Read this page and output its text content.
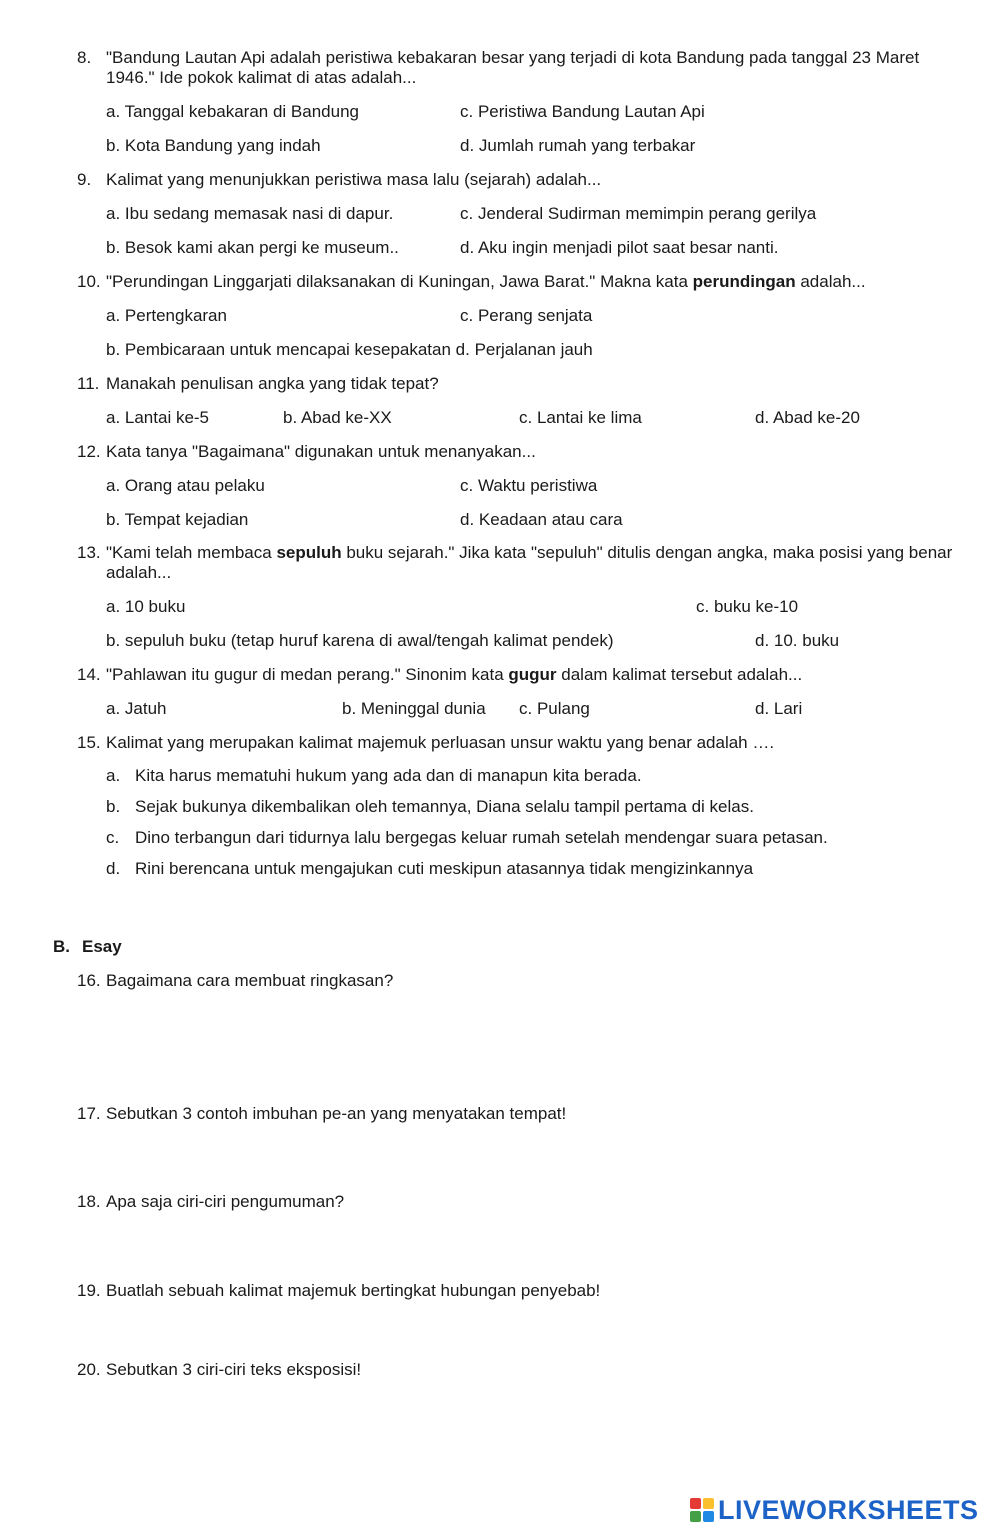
8. "Bandung Lautan Api adalah peristiwa kebakaran besar yang terjadi di kota Bandung pada tanggal 23 Maret 1946." Ide pokok kalimat di atas adalah...
a. Tanggal kebakaran di Bandung	c. Peristiwa Bandung Lautan Api
b. Kota Bandung yang indah	d. Jumlah rumah yang terbakar
9. Kalimat yang menunjukkan peristiwa masa lalu (sejarah) adalah...
a. Ibu sedang memasak nasi di dapur.	c. Jenderal Sudirman memimpin perang gerilya
b. Besok kami akan pergi ke museum..	d. Aku ingin menjadi pilot saat besar nanti.
10. "Perundingan Linggarjati dilaksanakan di Kuningan, Jawa Barat." Makna kata perundingan adalah...
a. Pertengkaran	c. Perang senjata
b. Pembicaraan untuk mencapai kesepakatan d. Perjalanan jauh
11. Manakah penulisan angka yang tidak tepat?
a. Lantai ke-5	b. Abad ke-XX	c. Lantai ke lima	d. Abad ke-20
12. Kata tanya "Bagaimana" digunakan untuk menanyakan...
a. Orang atau pelaku	c. Waktu peristiwa
b. Tempat kejadian	d. Keadaan atau cara
13. "Kami telah membaca sepuluh buku sejarah." Jika kata "sepuluh" ditulis dengan angka, maka posisi yang benar adalah...
a. 10 buku	c. buku ke-10
b. sepuluh buku (tetap huruf karena di awal/tengah kalimat pendek)	d. 10. buku
14. "Pahlawan itu gugur di medan perang." Sinonim kata gugur dalam kalimat tersebut adalah...
a. Jatuh	b. Meninggal dunia c. Pulang	d. Lari
15. Kalimat yang merupakan kalimat majemuk perluasan unsur waktu yang benar adalah ….
a. Kita harus mematuhi hukum yang ada dan di manapun kita berada.
b. Sejak bukunya dikembalikan oleh temannya, Diana selalu tampil pertama di kelas.
c. Dino terbangun dari tidurnya lalu bergegas keluar rumah setelah mendengar suara petasan.
d. Rini berencana untuk mengajukan cuti meskipun atasannya tidak mengizinkannya
B. Esay
16. Bagaimana cara membuat ringkasan?
17. Sebutkan 3 contoh imbuhan pe-an yang menyatakan tempat!
18. Apa saja ciri-ciri pengumuman?
19. Buatlah sebuah kalimat majemuk bertingkat hubungan penyebab!
20. Sebutkan 3 ciri-ciri teks eksposisi!
LIVEWORKSHEETS
